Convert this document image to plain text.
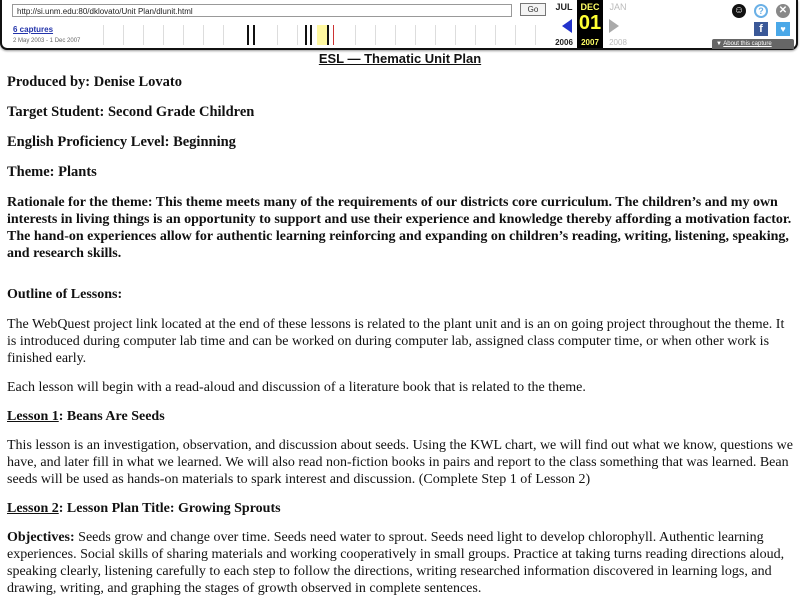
http://si.unm.edu:80/dklovato/Unit Plan/dlunit.html	Go
6 captures
2 May 2003 - 1 Dec 2007
JUL
2006
DEC
01
2007
JAN
2008
☺	?	✕
f	♥
▼ About this capture
ESL — Thematic Unit Plan

Produced by: Denise Lovato

Target Student: Second Grade Children

English Proficiency Level: Beginning

Theme: Plants

Rationale for the theme: This theme meets many of the requirements of our districts core curriculum. The children’s and my own interests in living things is an opportunity to support and use their experience and knowledge thereby affording a motivation factor. The hand-on experiences allow for authentic learning reinforcing and expanding on children’s reading, writing, listening, speaking, and research skills.

Outline of Lessons:

The WebQuest project link located at the end of these lessons is related to the plant unit and is an on going project throughout the theme. It is introduced during computer lab time and can be worked on during computer lab, assigned class computer time, or when other work is finished early.

Each lesson will begin with a read-aloud and discussion of a literature book that is related to the theme.

Lesson 1: Beans Are Seeds

This lesson is an investigation, observation, and discussion about seeds. Using the KWL chart, we will find out what we know, questions we have, and later fill in what we learned. We will also read non-fiction books in pairs and report to the class something that was learned. Bean seeds will be used as hands-on materials to spark interest and discussion. (Complete Step 1 of Lesson 2)

Lesson 2: Lesson Plan Title: Growing Sprouts

Objectives: Seeds grow and change over time. Seeds need water to sprout. Seeds need light to develop chlorophyll. Authentic learning experiences. Social skills of sharing materials and working cooperatively in small groups. Practice at taking turns reading directions aloud, speaking clearly, listening carefully to each step to follow the directions, writing researched information discovered in learning logs, and drawing, writing, and graphing the stages of growth observed in complete sentences.
